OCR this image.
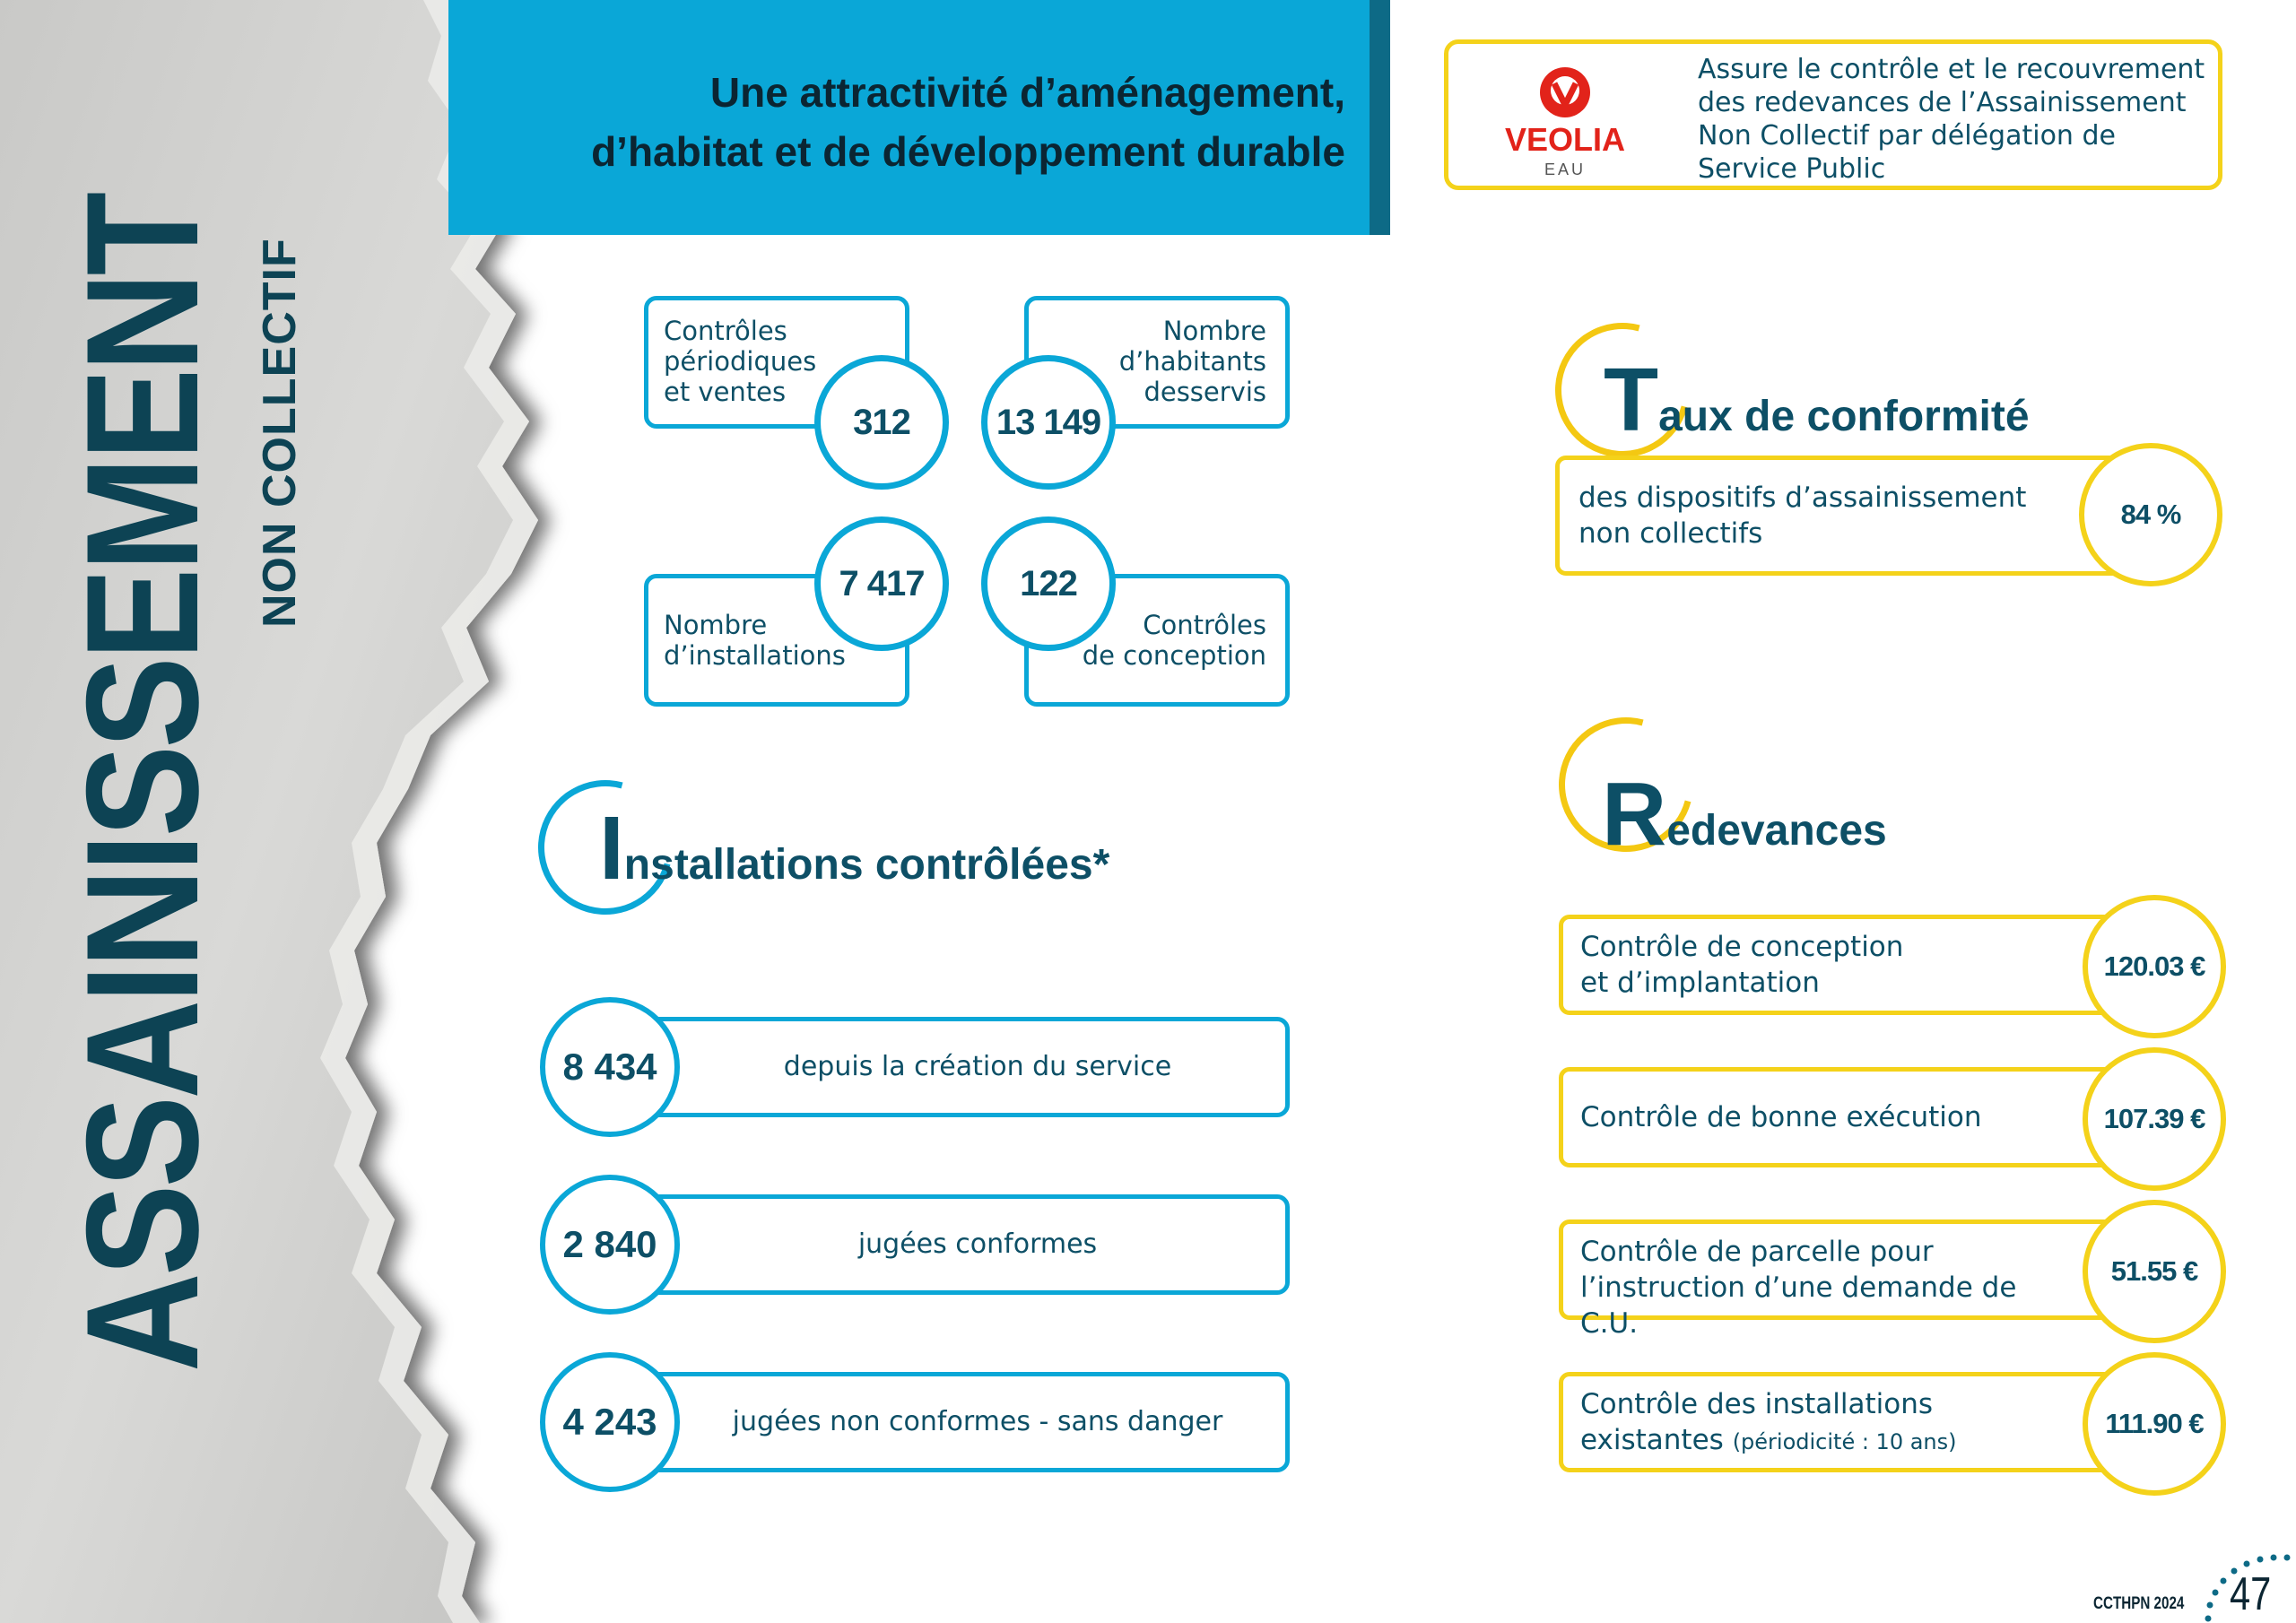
ASSAINISSEMENT NON COLLECTIF
Une attractivité d’aménagement,
d’habitat et de développement durable	VEOLIA
EAU
Assure le contrôle et le recouvrement
des redevances de l’Assainissement
Non Collectif par délégation de
Service Public
Contrôles
périodiques
et ventes
312
Nombre
d’habitants
desservis
13 149
Nombre
d’installations
7 417
Contrôles
de conception
122
Installations contrôlées*
depuis la création du service
8 434
jugées conformes
2 840
jugées non conformes - sans danger
4 243
Taux de conformité
des dispositifs d’assainissement
non collectifs
84 %
Redevances
Contrôle de conception
et d’implantation
120.03 €
Contrôle de bonne exécution	107.39 €
Contrôle de parcelle pour
l’instruction d’une demande de C.U.
51.55 €
Contrôle des installations
existantes (périodicité : 10 ans)
111.90 €
CCTHPN 2024 47
